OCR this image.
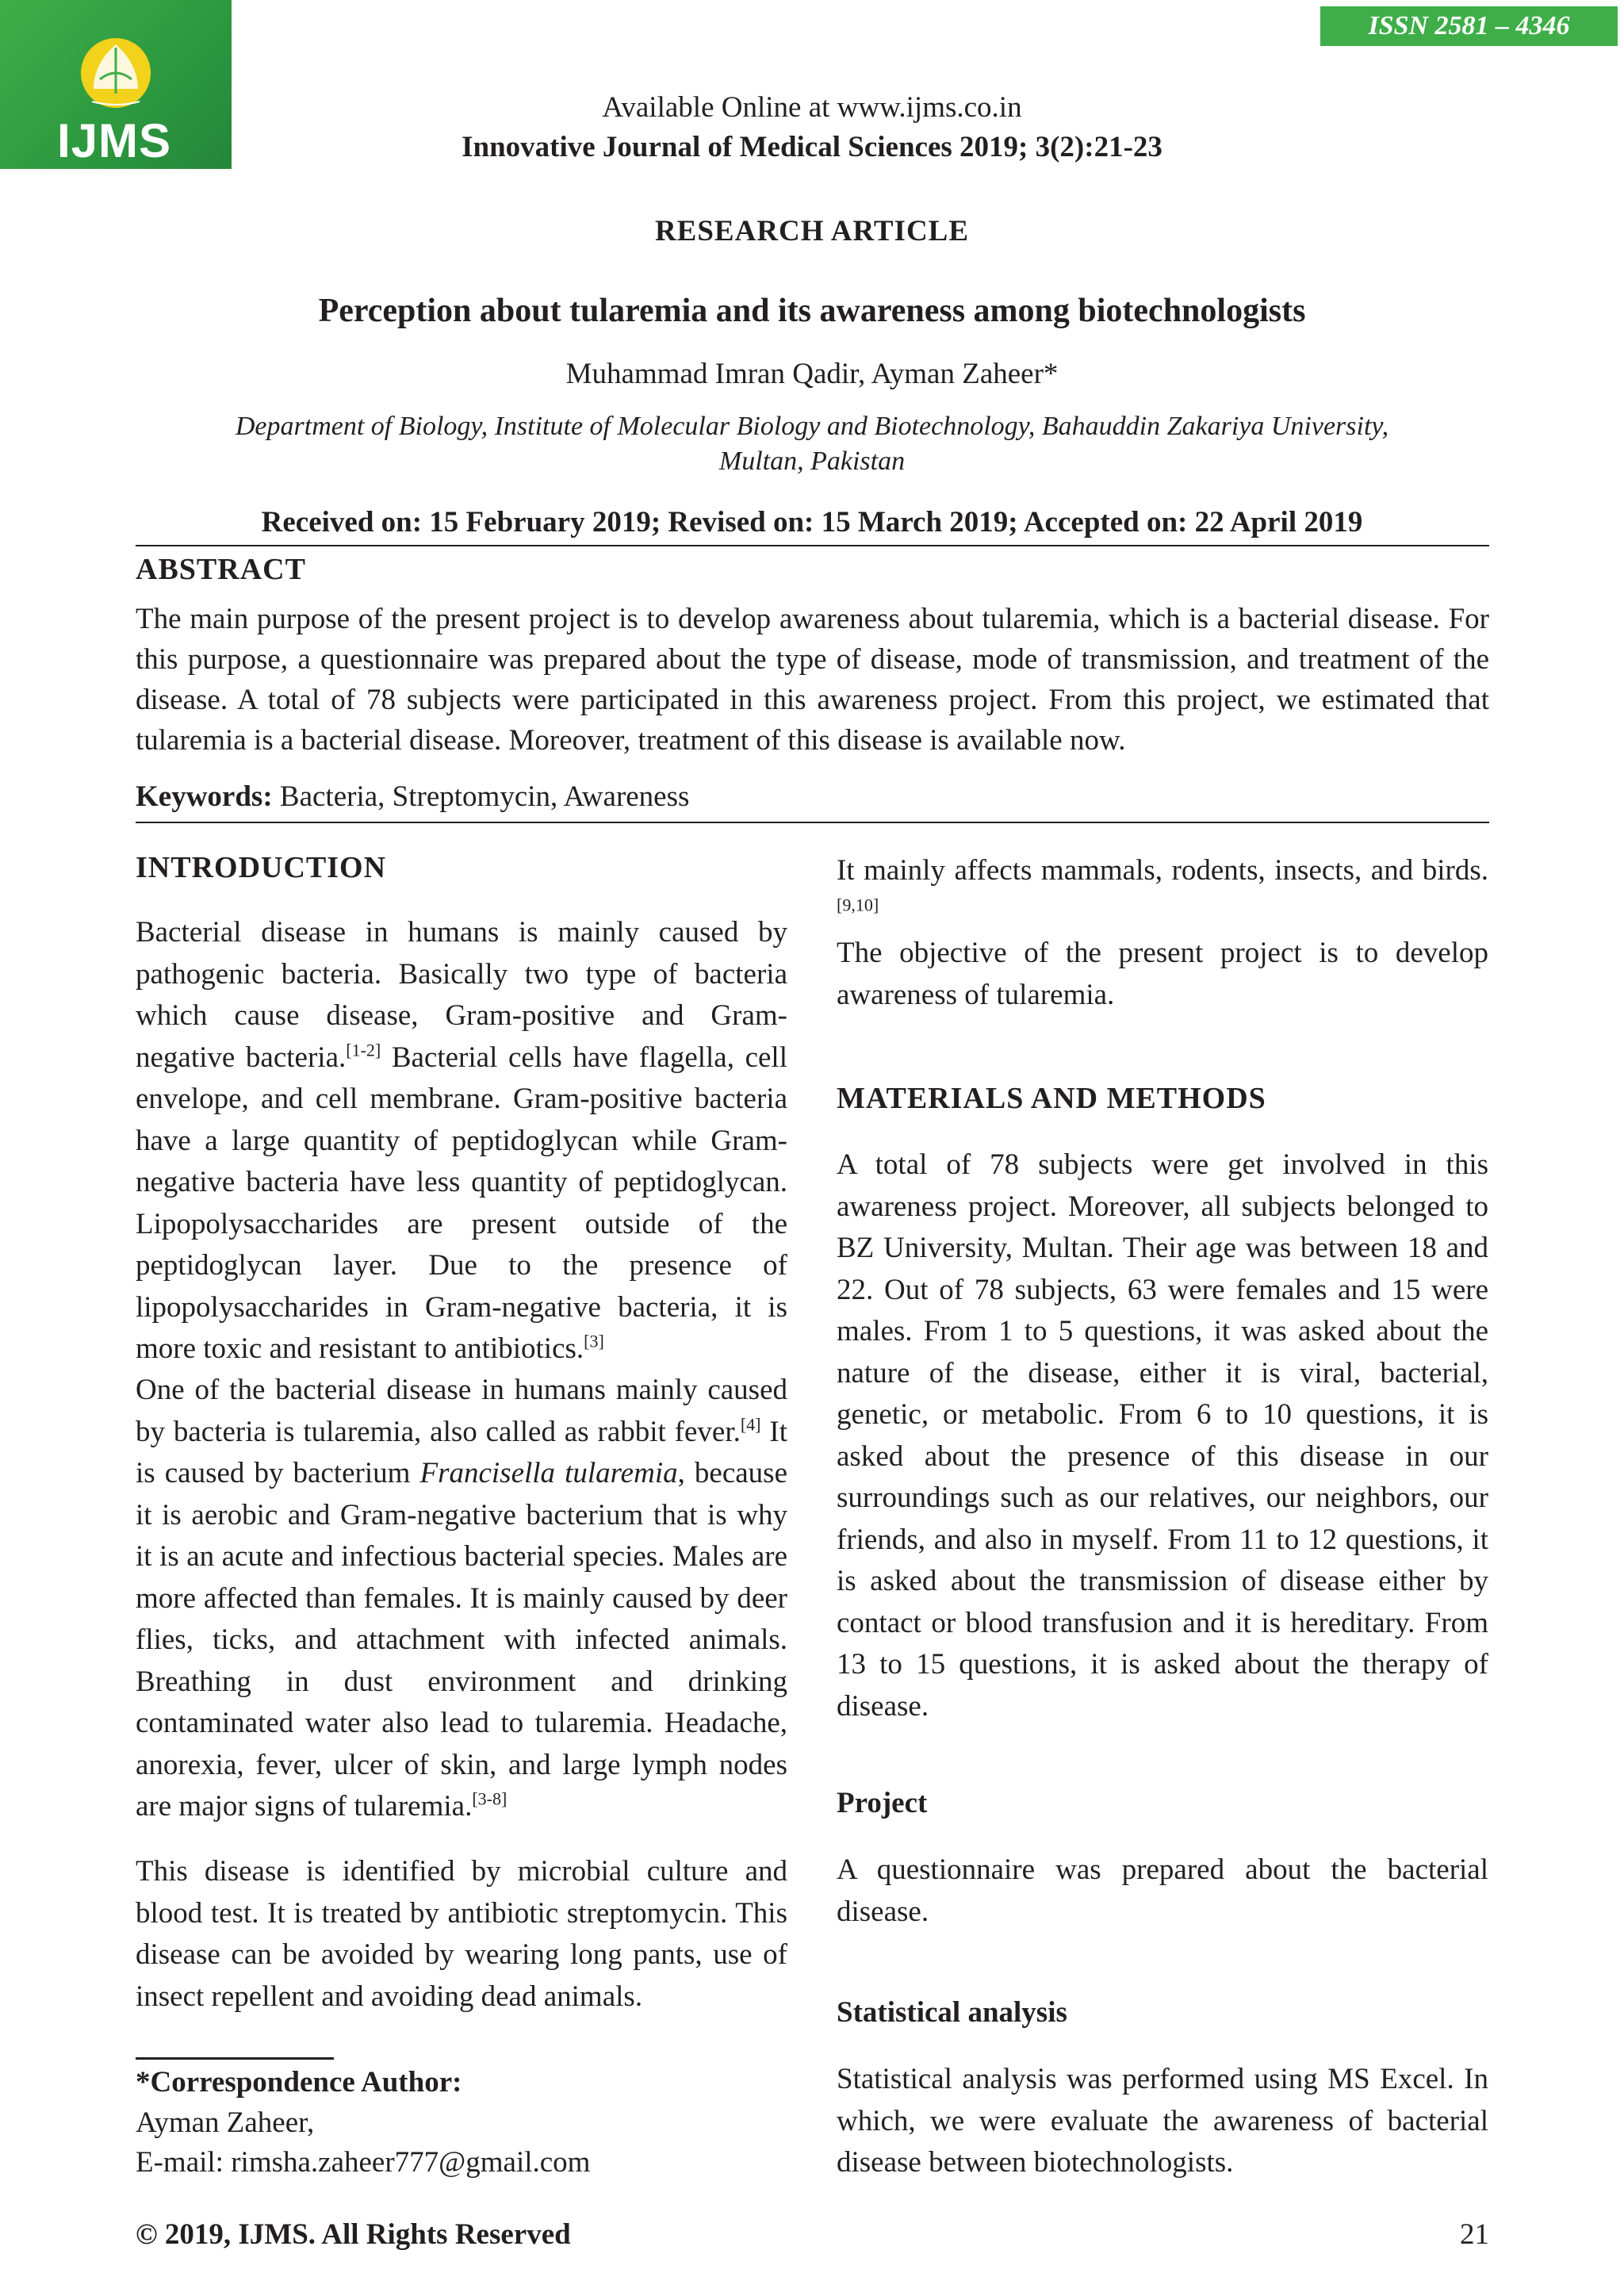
IJMS
ISSN 2581 – 4346
Available Online at www.ijms.co.in
Innovative Journal of Medical Sciences 2019; 3(2):21-23
RESEARCH ARTICLE
Perception about tularemia and its awareness among biotechnologists
Muhammad Imran Qadir, Ayman Zaheer*
Department of Biology, Institute of Molecular Biology and Biotechnology, Bahauddin Zakariya University,
Multan, Pakistan
Received on: 15 February 2019; Revised on: 15 March 2019; Accepted on: 22 April 2019
ABSTRACT

The main purpose of the present project is to develop awareness about tularemia, which is a bacterial disease. For this purpose, a questionnaire was prepared about the type of disease, mode of transmission, and treatment of the disease. A total of 78 subjects were participated in this awareness project. From this project, we estimated that tularemia is a bacterial disease. Moreover, treatment of this disease is available now.

Keywords: Bacteria, Streptomycin, Awareness
INTRODUCTION

Bacterial disease in humans is mainly caused by pathogenic bacteria. Basically two type of bacteria which cause disease, Gram-positive and Gram-negative bacteria.[1-2] Bacterial cells have flagella, cell envelope, and cell membrane. Gram-positive bacteria have a large quantity of peptidoglycan while Gram-negative bacteria have less quantity of peptidoglycan. Lipopolysaccharides are present outside of the peptidoglycan layer. Due to the presence of lipopolysaccharides in Gram-negative bacteria, it is more toxic and resistant to antibiotics.[3]

One of the bacterial disease in humans mainly caused by bacteria is tularemia, also called as rabbit fever.[4] It is caused by bacterium Francisella tularemia, because it is aerobic and Gram-negative bacterium that is why it is an acute and infectious bacterial species. Males are more affected than females. It is mainly caused by deer flies, ticks, and attachment with infected animals. Breathing in dust environment and drinking contaminated water also lead to tularemia. Headache, anorexia, fever, ulcer of skin, and large lymph nodes are major signs of tularemia.[3-8]

This disease is identified by microbial culture and blood test. It is treated by antibiotic streptomycin. This disease can be avoided by wearing long pants, use of insect repellent and avoiding dead animals.

It mainly affects mammals, rodents, insects, and birds.[9,10]

The objective of the present project is to develop awareness of tularemia.

MATERIALS AND METHODS

A total of 78 subjects were get involved in this awareness project. Moreover, all subjects belonged to BZ University, Multan. Their age was between 18 and 22. Out of 78 subjects, 63 were females and 15 were males. From 1 to 5 questions, it was asked about the nature of the disease, either it is viral, bacterial, genetic, or metabolic. From 6 to 10 questions, it is asked about the presence of this disease in our surroundings such as our relatives, our neighbors, our friends, and also in myself. From 11 to 12 questions, it is asked about the transmission of disease either by contact or blood transfusion and it is hereditary. From 13 to 15 questions, it is asked about the therapy of disease.

Project

A questionnaire was prepared about the bacterial disease.

Statistical analysis

Statistical analysis was performed using MS Excel. In which, we were evaluate the awareness of bacterial disease between biotechnologists.

*Correspondence Author:
Ayman Zaheer,
E-mail: rimsha.zaheer777@gmail.com
© 2019, IJMS. All Rights Reserved	21
